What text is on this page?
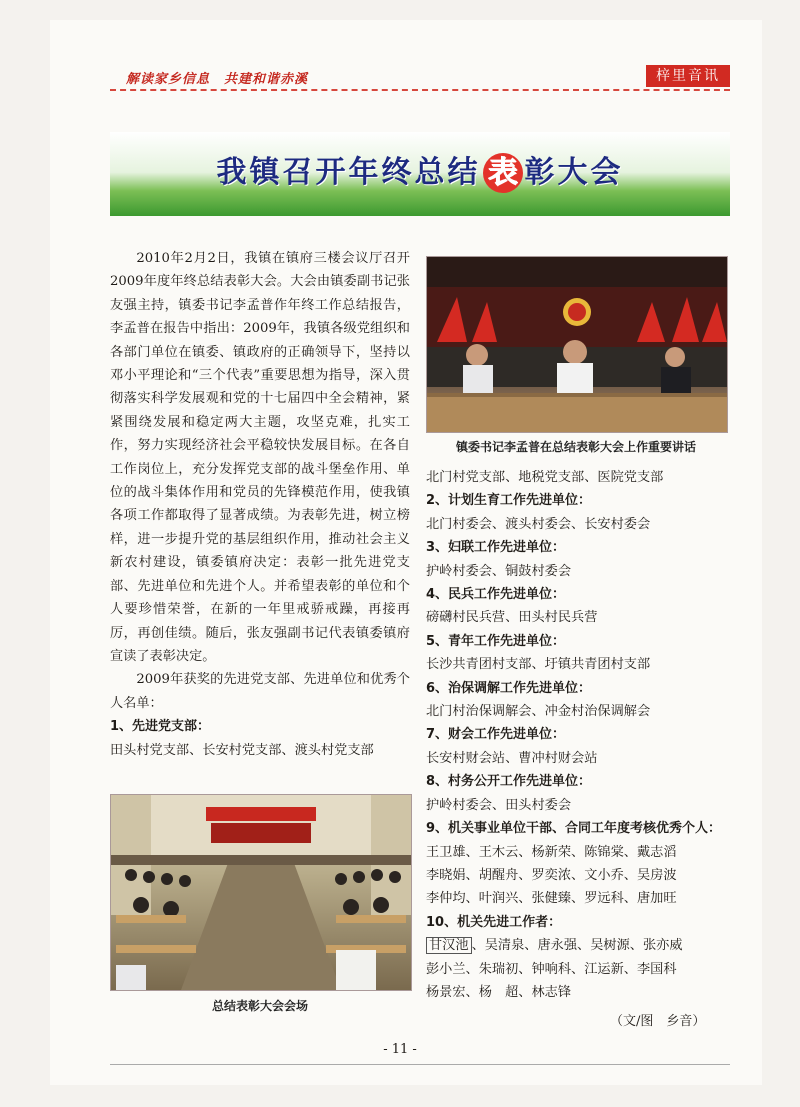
解读家乡信息　共建和谐赤溪	梓里音讯
我镇召开年终总结 表 彰大会

2010年2月2日，我镇在镇府三楼会议厅召开2009年度年终总结表彰大会。大会由镇委副书记张友强主持，镇委书记李孟普作年终工作总结报告，李孟普在报告中指出：2009年，我镇各级党组织和各部门单位在镇委、镇政府的正确领导下，坚持以邓小平理论和“三个代表”重要思想为指导，深入贯彻落实科学发展观和党的十七届四中全会精神，紧紧围绕发展和稳定两大主题，攻坚克难，扎实工作，努力实现经济社会平稳较快发展目标。在各自工作岗位上，充分发挥党支部的战斗堡垒作用、单位的战斗集体作用和党员的先锋模范作用，使我镇各项工作都取得了显著成绩。为表彰先进，树立榜样，进一步提升党的基层组织作用，推动社会主义新农村建设，镇委镇府决定：表彰一批先进党支部、先进单位和先进个人。并希望表彰的单位和个人要珍惜荣誉，在新的一年里戒骄戒躁，再接再厉，再创佳绩。随后，张友强副书记代表镇委镇府宣读了表彰决定。

2009年获奖的先进党支部、先进单位和优秀个人名单：

1、先进党支部：
田头村党支部、长安村党支部、渡头村党支部
镇委书记李孟普在总结表彰大会上作重要讲话
北门村党支部、地税党支部、医院党支部
2、计划生育工作先进单位：
北门村委会、渡头村委会、长安村委会
3、妇联工作先进单位：
护岭村委会、铜鼓村委会
4、民兵工作先进单位：
磅礴村民兵营、田头村民兵营
5、青年工作先进单位：
长沙共青团村支部、圩镇共青团村支部
6、治保调解工作先进单位：
北门村治保调解会、冲金村治保调解会
7、财会工作先进单位：
长安村财会站、曹冲村财会站
8、村务公开工作先进单位：
护岭村委会、田头村委会
9、机关事业单位干部、合同工年度考核优秀个人：
王卫雄、王木云、杨新荣、陈锦棠、戴志滔
李晓娟、胡醒舟、罗奕浓、文小乔、吴房波
李仲均、叶润兴、张健臻、罗远科、唐加旺
10、机关先进工作者：
甘汉池 、吴清泉、唐永强、吴树源、张亦威
彭小兰、朱瑞初、钟响科、江运新、李国科
杨景宏、杨　超、林志锋
总结表彰大会会场
（文/图　乡音）
- 11 -
